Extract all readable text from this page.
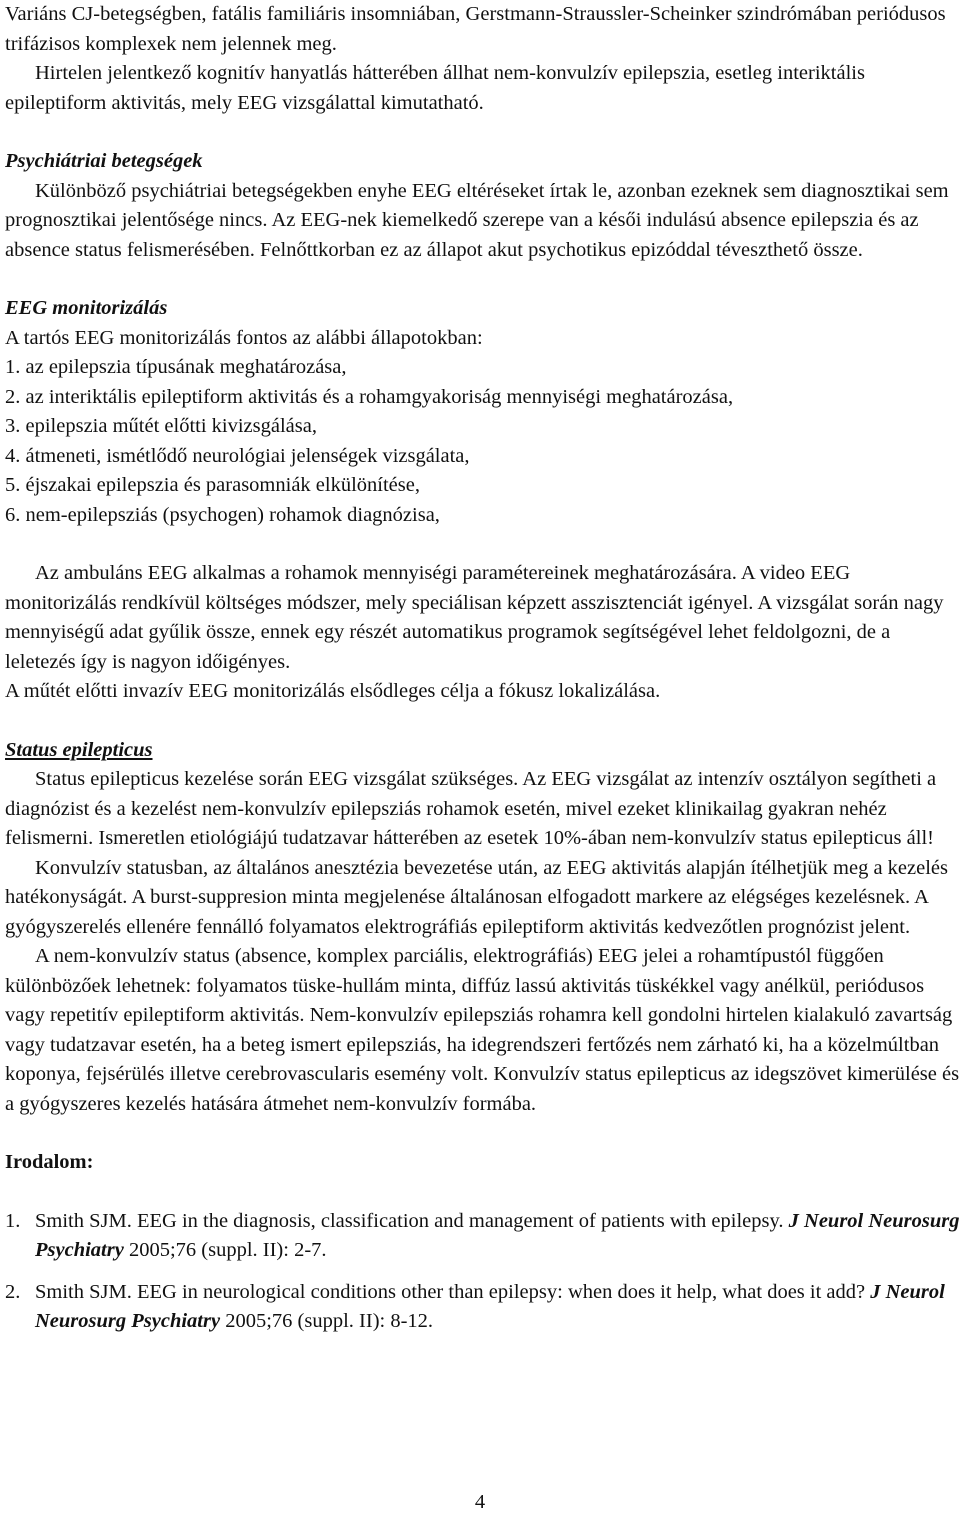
Variáns CJ-betegségben, fatális familiáris insomniában, Gerstmann-Straussler-Scheinker szindrómában periódusos trifázisos komplexek nem jelennek meg.

Hirtelen jelentkező kognitív hanyatlás hátterében állhat nem-konvulzív epilepszia, esetleg interiktális epileptiform aktivitás, mely EEG vizsgálattal kimutatható.

Psychiátriai betegségek

Különböző psychiátriai betegségekben enyhe EEG eltéréseket írtak le, azonban ezeknek sem diagnosztikai sem prognosztikai jelentősége nincs. Az EEG-nek kiemelkedő szerepe van a késői indulású absence epilepszia és az absence status felismerésében. Felnőttkorban ez az állapot akut psychotikus epizóddal téveszthető össze.

EEG monitorizálás

A tartós EEG monitorizálás fontos az alábbi állapotokban:

1. az epilepszia típusának meghatározása,

2. az interiktális epileptiform aktivitás és a rohamgyakoriság mennyiségi meghatározása,

3. epilepszia műtét előtti kivizsgálása,

4. átmeneti, ismétlődő neurológiai jelenségek vizsgálata,

5. éjszakai epilepszia és parasomniák elkülönítése,

6. nem-epilepsziás (psychogen) rohamok diagnózisa,

Az ambuláns EEG alkalmas a rohamok mennyiségi paramétereinek meghatározására. A video EEG monitorizálás rendkívül költséges módszer, mely speciálisan képzett asszisztenciát igényel. A vizsgálat során nagy mennyiségű adat gyűlik össze, ennek egy részét automatikus programok segítségével lehet feldolgozni, de a leletezés így is nagyon időigényes.

A műtét előtti invazív EEG monitorizálás elsődleges célja a fókusz lokalizálása.

Status epilepticus

Status epilepticus kezelése során EEG vizsgálat szükséges. Az EEG vizsgálat az intenzív osztályon segítheti a diagnózist és a kezelést nem-konvulzív epilepsziás rohamok esetén, mivel ezeket klinikailag gyakran nehéz felismerni. Ismeretlen etiológiájú tudatzavar hátterében az esetek 10%-ában nem-konvulzív status epilepticus áll!

Konvulzív statusban, az általános anesztézia bevezetése után, az EEG aktivitás alapján ítélhetjük meg a kezelés hatékonyságát. A burst-suppresion minta megjelenése általánosan elfogadott markere az elégséges kezelésnek. A gyógyszerelés ellenére fennálló folyamatos elektrográfiás epileptiform aktivitás kedvezőtlen prognózist jelent.

A nem-konvulzív status (absence, komplex parciális, elektrográfiás) EEG jelei a rohamtípustól függően különbözőek lehetnek: folyamatos tüske-hullám minta, diffúz lassú aktivitás tüskékkel vagy anélkül, periódusos vagy repetitív epileptiform aktivitás. Nem-konvulzív epilepsziás rohamra kell gondolni hirtelen kialakuló zavartság vagy tudatzavar esetén, ha a beteg ismert epilepsziás, ha idegrendszeri fertőzés nem zárható ki, ha a közelmúltban koponya, fejsérülés illetve cerebrovascularis esemény volt. Konvulzív status epilepticus az idegszövet kimerülése és a gyógyszeres kezelés hatására átmehet nem-konvulzív formába.

Irodalom:

1. Smith SJM. EEG in the diagnosis, classification and management of patients with epilepsy. J Neurol Neurosurg Psychiatry 2005;76 (suppl. II): 2-7.
2. Smith SJM. EEG in neurological conditions other than epilepsy: when does it help, what does it add? J Neurol Neurosurg Psychiatry 2005;76 (suppl. II): 8-12.
4
